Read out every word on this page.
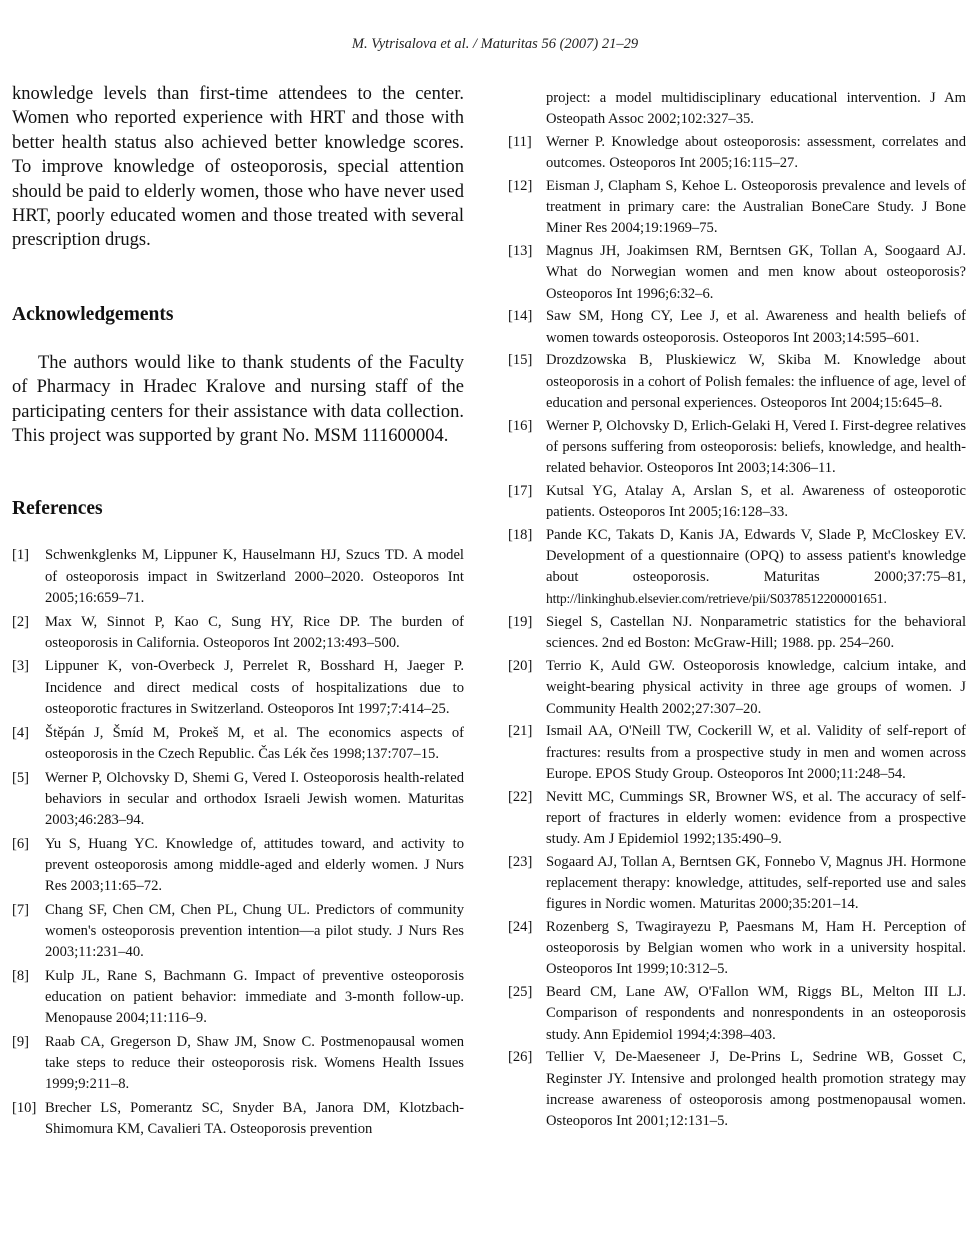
M. Vytrisalova et al. / Maturitas 56 (2007) 21–29

knowledge levels than first-time attendees to the center. Women who reported experience with HRT and those with better health status also achieved better knowledge scores. To improve knowledge of osteoporosis, special attention should be paid to elderly women, those who have never used HRT, poorly educated women and those treated with several prescription drugs.

Acknowledgements

The authors would like to thank students of the Faculty of Pharmacy in Hradec Kralove and nursing staff of the participating centers for their assistance with data collection. This project was supported by grant No. MSM 111600004.

References
[1] Schwenkglenks M, Lippuner K, Hauselmann HJ, Szucs TD. A model of osteoporosis impact in Switzerland 2000–2020. Osteoporos Int 2005;16:659–71.
[2] Max W, Sinnot P, Kao C, Sung HY, Rice DP. The burden of osteoporosis in California. Osteoporos Int 2002;13:493–500.
[3] Lippuner K, von-Overbeck J, Perrelet R, Bosshard H, Jaeger P. Incidence and direct medical costs of hospitalizations due to osteoporotic fractures in Switzerland. Osteoporos Int 1997;7:414–25.
[4] Štěpán J, Šmíd M, Prokeš M, et al. The economics aspects of osteoporosis in the Czech Republic. Čas Lék čes 1998;137:707–15.
[5] Werner P, Olchovsky D, Shemi G, Vered I. Osteoporosis health-related behaviors in secular and orthodox Israeli Jewish women. Maturitas 2003;46:283–94.
[6] Yu S, Huang YC. Knowledge of, attitudes toward, and activity to prevent osteoporosis among middle-aged and elderly women. J Nurs Res 2003;11:65–72.
[7] Chang SF, Chen CM, Chen PL, Chung UL. Predictors of community women's osteoporosis prevention intention—a pilot study. J Nurs Res 2003;11:231–40.
[8] Kulp JL, Rane S, Bachmann G. Impact of preventive osteoporosis education on patient behavior: immediate and 3-month follow-up. Menopause 2004;11:116–9.
[9] Raab CA, Gregerson D, Shaw JM, Snow C. Postmenopausal women take steps to reduce their osteoporosis risk. Womens Health Issues 1999;9:211–8.
[10] Brecher LS, Pomerantz SC, Snyder BA, Janora DM, Klotzbach-Shimomura KM, Cavalieri TA. Osteoporosis prevention
project: a model multidisciplinary educational intervention. J Am Osteopath Assoc 2002;102:327–35.
[11] Werner P. Knowledge about osteoporosis: assessment, correlates and outcomes. Osteoporos Int 2005;16:115–27.
[12] Eisman J, Clapham S, Kehoe L. Osteoporosis prevalence and levels of treatment in primary care: the Australian BoneCare Study. J Bone Miner Res 2004;19:1969–75.
[13] Magnus JH, Joakimsen RM, Berntsen GK, Tollan A, Soogaard AJ. What do Norwegian women and men know about osteoporosis? Osteoporos Int 1996;6:32–6.
[14] Saw SM, Hong CY, Lee J, et al. Awareness and health beliefs of women towards osteoporosis. Osteoporos Int 2003;14:595–601.
[15] Drozdzowska B, Pluskiewicz W, Skiba M. Knowledge about osteoporosis in a cohort of Polish females: the influence of age, level of education and personal experiences. Osteoporos Int 2004;15:645–8.
[16] Werner P, Olchovsky D, Erlich-Gelaki H, Vered I. First-degree relatives of persons suffering from osteoporosis: beliefs, knowledge, and health-related behavior. Osteoporos Int 2003;14:306–11.
[17] Kutsal YG, Atalay A, Arslan S, et al. Awareness of osteoporotic patients. Osteoporos Int 2005;16:128–33.
[18] Pande KC, Takats D, Kanis JA, Edwards V, Slade P, McCloskey EV. Development of a questionnaire (OPQ) to assess patient's knowledge about osteoporosis. Maturitas 2000;37:75–81, http://linkinghub.elsevier.com/retrieve/pii/S0378512200001651.
[19] Siegel S, Castellan NJ. Nonparametric statistics for the behavioral sciences. 2nd ed Boston: McGraw-Hill; 1988. pp. 254–260.
[20] Terrio K, Auld GW. Osteoporosis knowledge, calcium intake, and weight-bearing physical activity in three age groups of women. J Community Health 2002;27:307–20.
[21] Ismail AA, O'Neill TW, Cockerill W, et al. Validity of self-report of fractures: results from a prospective study in men and women across Europe. EPOS Study Group. Osteoporos Int 2000;11:248–54.
[22] Nevitt MC, Cummings SR, Browner WS, et al. The accuracy of self-report of fractures in elderly women: evidence from a prospective study. Am J Epidemiol 1992;135:490–9.
[23] Sogaard AJ, Tollan A, Berntsen GK, Fonnebo V, Magnus JH. Hormone replacement therapy: knowledge, attitudes, self-reported use and sales figures in Nordic women. Maturitas 2000;35:201–14.
[24] Rozenberg S, Twagirayezu P, Paesmans M, Ham H. Perception of osteoporosis by Belgian women who work in a university hospital. Osteoporos Int 1999;10:312–5.
[25] Beard CM, Lane AW, O'Fallon WM, Riggs BL, Melton III LJ. Comparison of respondents and nonrespondents in an osteoporosis study. Ann Epidemiol 1994;4:398–403.
[26] Tellier V, De-Maeseneer J, De-Prins L, Sedrine WB, Gosset C, Reginster JY. Intensive and prolonged health promotion strategy may increase awareness of osteoporosis among postmenopausal women. Osteoporos Int 2001;12:131–5.
